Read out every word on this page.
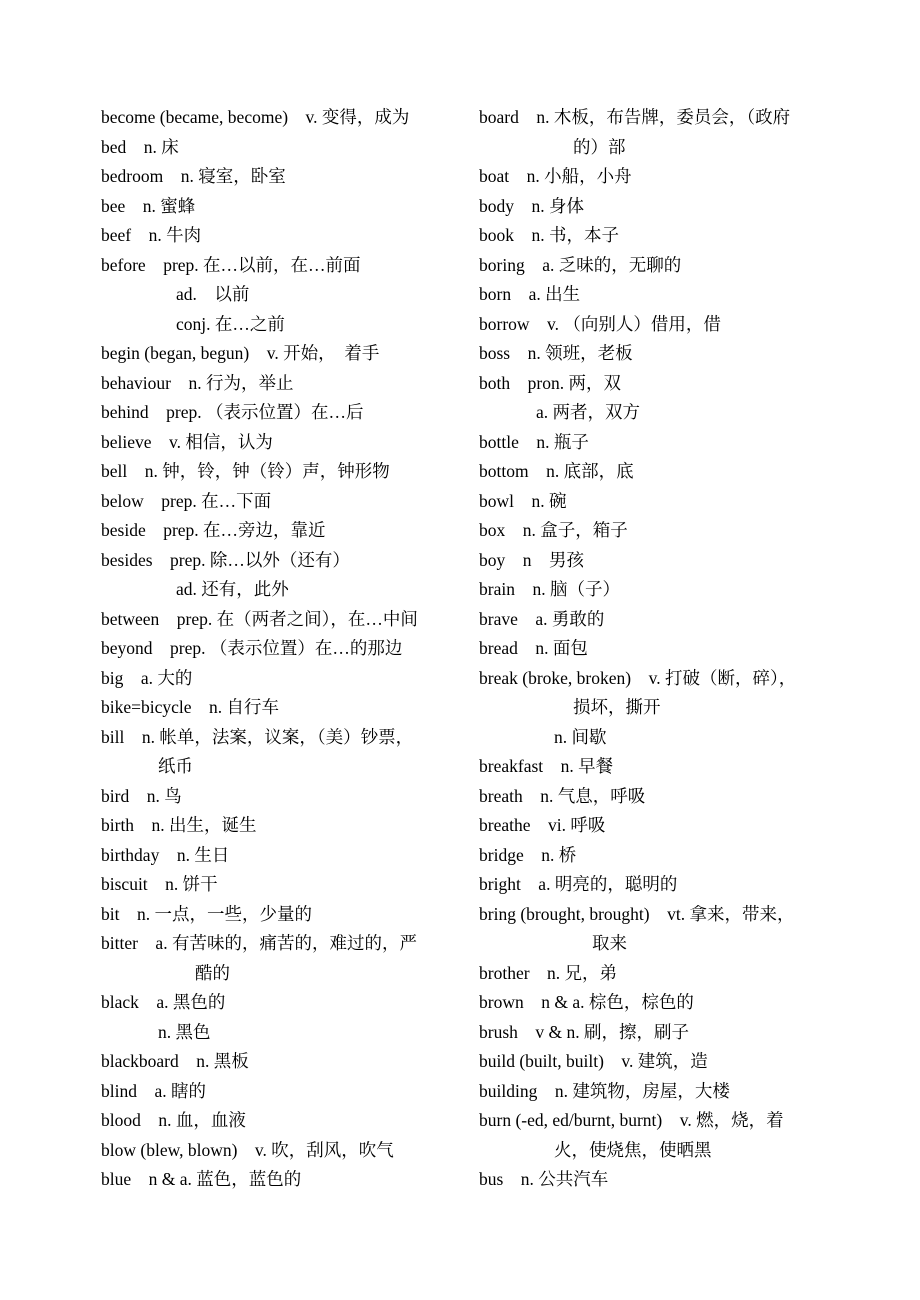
become (became, become)    v. 变得，成为
bed    n. 床
bedroom    n. 寝室，卧室
bee    n. 蜜蜂
beef    n. 牛肉
before    prep. 在…以前，在…前面
ad.    以前
conj. 在…之前
begin (began, begun)    v. 开始，  着手
behaviour    n. 行为，举止
behind    prep. （表示位置）在…后
believe    v. 相信，认为
bell    n. 钟，铃，钟（铃）声，钟形物
below    prep. 在…下面
beside    prep. 在…旁边，靠近
besides    prep. 除…以外（还有）
ad. 还有，此外
between    prep. 在（两者之间），在…中间
beyond    prep. （表示位置）在…的那边
big    a. 大的
bike=bicycle    n. 自行车
bill    n. 帐单，法案，议案，（美）钞票，
纸币
bird    n. 鸟
birth    n. 出生，诞生
birthday    n. 生日
biscuit    n. 饼干
bit    n. 一点，一些，少量的
bitter    a. 有苦味的，痛苦的，难过的，严
酷的
black    a. 黑色的
n. 黑色
blackboard    n. 黑板
blind    a. 瞎的
blood    n. 血，血液
blow (blew, blown)    v. 吹，刮风，吹气
blue    n & a. 蓝色，蓝色的
board    n. 木板，布告牌，委员会，（政府
的）部
boat    n. 小船，小舟
body    n. 身体
book    n. 书，本子
boring    a. 乏味的，无聊的
born    a. 出生
borrow    v. （向别人）借用，借
boss    n. 领班，老板
both    pron. 两，双
a. 两者，双方
bottle    n. 瓶子
bottom    n. 底部，底
bowl    n. 碗
box    n. 盒子，箱子
boy    n    男孩
brain    n. 脑（子）
brave    a. 勇敢的
bread    n. 面包
break (broke, broken)    v. 打破（断，碎），
损坏，撕开
n. 间歇
breakfast    n. 早餐
breath    n. 气息，呼吸
breathe    vi. 呼吸
bridge    n. 桥
bright    a. 明亮的，聪明的
bring (brought, brought)    vt. 拿来，带来，
取来
brother    n. 兄，弟
brown    n & a. 棕色，棕色的
brush    v & n. 刷，擦，刷子
build (built, built)    v. 建筑，造
building    n. 建筑物，房屋，大楼
burn (-ed, ed/burnt, burnt)    v. 燃，烧，着
火，使烧焦，使晒黑
bus    n. 公共汽车
